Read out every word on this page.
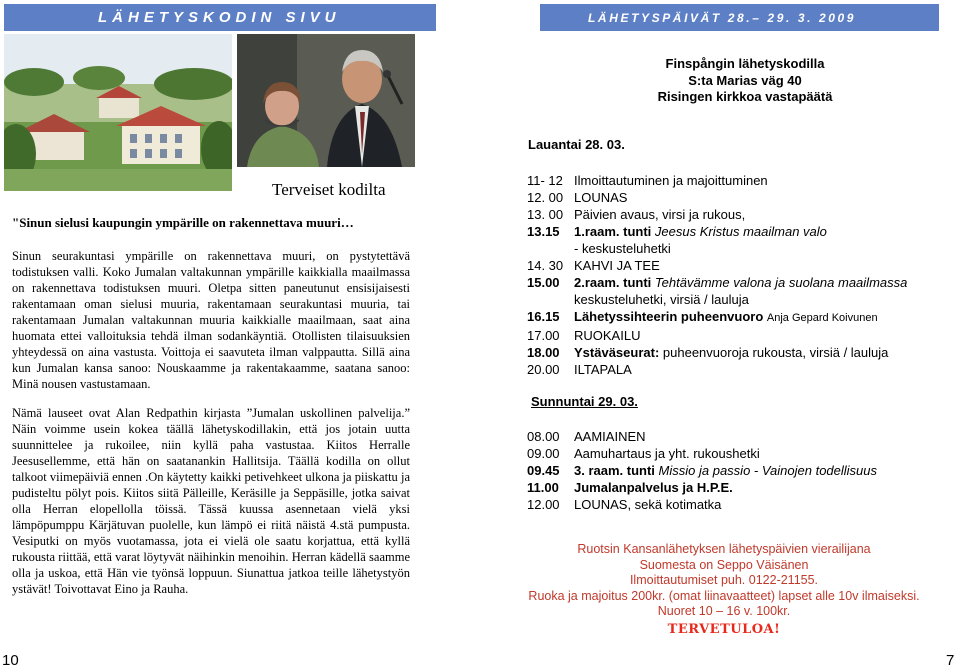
LÄHETYSKODIN SIVU	LÄHETYSPÄIVÄT 28.– 29. 3. 2009
Terveiset kodilta
"Sinun sielusi kaupungin ympärille on rakennettava muuri…

Sinun seurakuntasi ympärille on rakennettava muuri, on pystytettävä todistuksen valli. Koko Jumalan valtakunnan ympärille kaikkialla maailmassa on rakennettava todistuksen muuri. Oletpa sitten paneutunut ensisijaisesti rakentamaan oman sielusi muuria, rakentamaan seurakuntasi muuria, tai rakentamaan Jumalan valtakunnan muuria kaikkialle maailmaan, saat aina huomata ettei valloituksia tehdä ilman sodankäyntiä. Otollisten tilaisuuksien yhteydessä on aina vastusta. Voittoja ei saavuteta ilman valppautta. Sillä aina kun Jumalan kansa sanoo: Nouskaamme ja rakentakaamme, saatana sanoo: Minä nousen vastustamaan.

Nämä lauseet ovat Alan Redpathin kirjasta ”Jumalan uskollinen palvelija.” Näin voimme usein kokea täällä lähetyskodillakin, että jos jotain uutta suunnittelee ja rukoilee, niin kyllä paha vastustaa. Kiitos Herralle Jeesusellemme, että hän on saatanankin Hallitsija. Täällä kodilla on ollut talkoot viimepäiviä ennen .On käytetty kaikki petivehkeet ulkona ja piiskattu ja pudisteltu pölyt pois. Kiitos siitä Pälleille, Keräsille ja Seppäsille, jotka saivat olla Herran elopellolla töissä. Tässä kuussa asennetaan vielä yksi lämpöpumppu Kärjätuvan puolelle, kun lämpö ei riitä näistä 4.stä pumpusta. Vesiputki on myös vuotamassa, jota ei vielä ole saatu korjattua, että kyllä rukousta riittää, että varat löytyvät näihinkin menoihin. Herran kädellä saamme olla ja uskoa, että Hän vie työnsä loppuun. Siunattua jatkoa teille lähetystyön ystävät! Toivottavat Eino ja Rauha.

10	7
Finspångin lähetyskodilla
S:ta Marias väg 40
Risingen kirkkoa vastapäätä
Lauantai 28. 03.
11- 12 Ilmoittautuminen ja majoittuminen
12. 00 LOUNAS
13. 00 Päivien avaus, virsi ja rukous,
13.15	1.raam. tunti Jeesus Kristus maailman valo
- keskusteluhetki
14. 30 KAHVI JA TEE
15.00	2.raam. tunti Tehtävämme valona ja suolana maailmassa
keskusteluhetki, virsiä / lauluja
16.15	Lähetyssihteerin puheenvuoro Anja Gepard Koivunen
17.00	RUOKAILU
18.00	Ystäväseurat: puheenvuoroja rukousta, virsiä / lauluja
20.00	ILTAPALA
Sunnuntai 29. 03.
08.00	AAMIAINEN
09.00	Aamuhartaus ja yht. rukoushetki
09.45	3. raam. tunti Missio ja passio - Vainojen todellisuus
11.00	Jumalanpalvelus ja H.P.E.
12.00	LOUNAS, sekä kotimatka

Ruotsin Kansanlähetyksen lähetyspäivien vierailijana

Suomesta on Seppo Väisänen

Ilmoittautumiset puh. 0122-21155.

Ruoka ja majoitus 200kr. (omat liinavaatteet) lapset alle 10v ilmaiseksi.

Nuoret 10 – 16 v. 100kr.

TERVETULOA!
